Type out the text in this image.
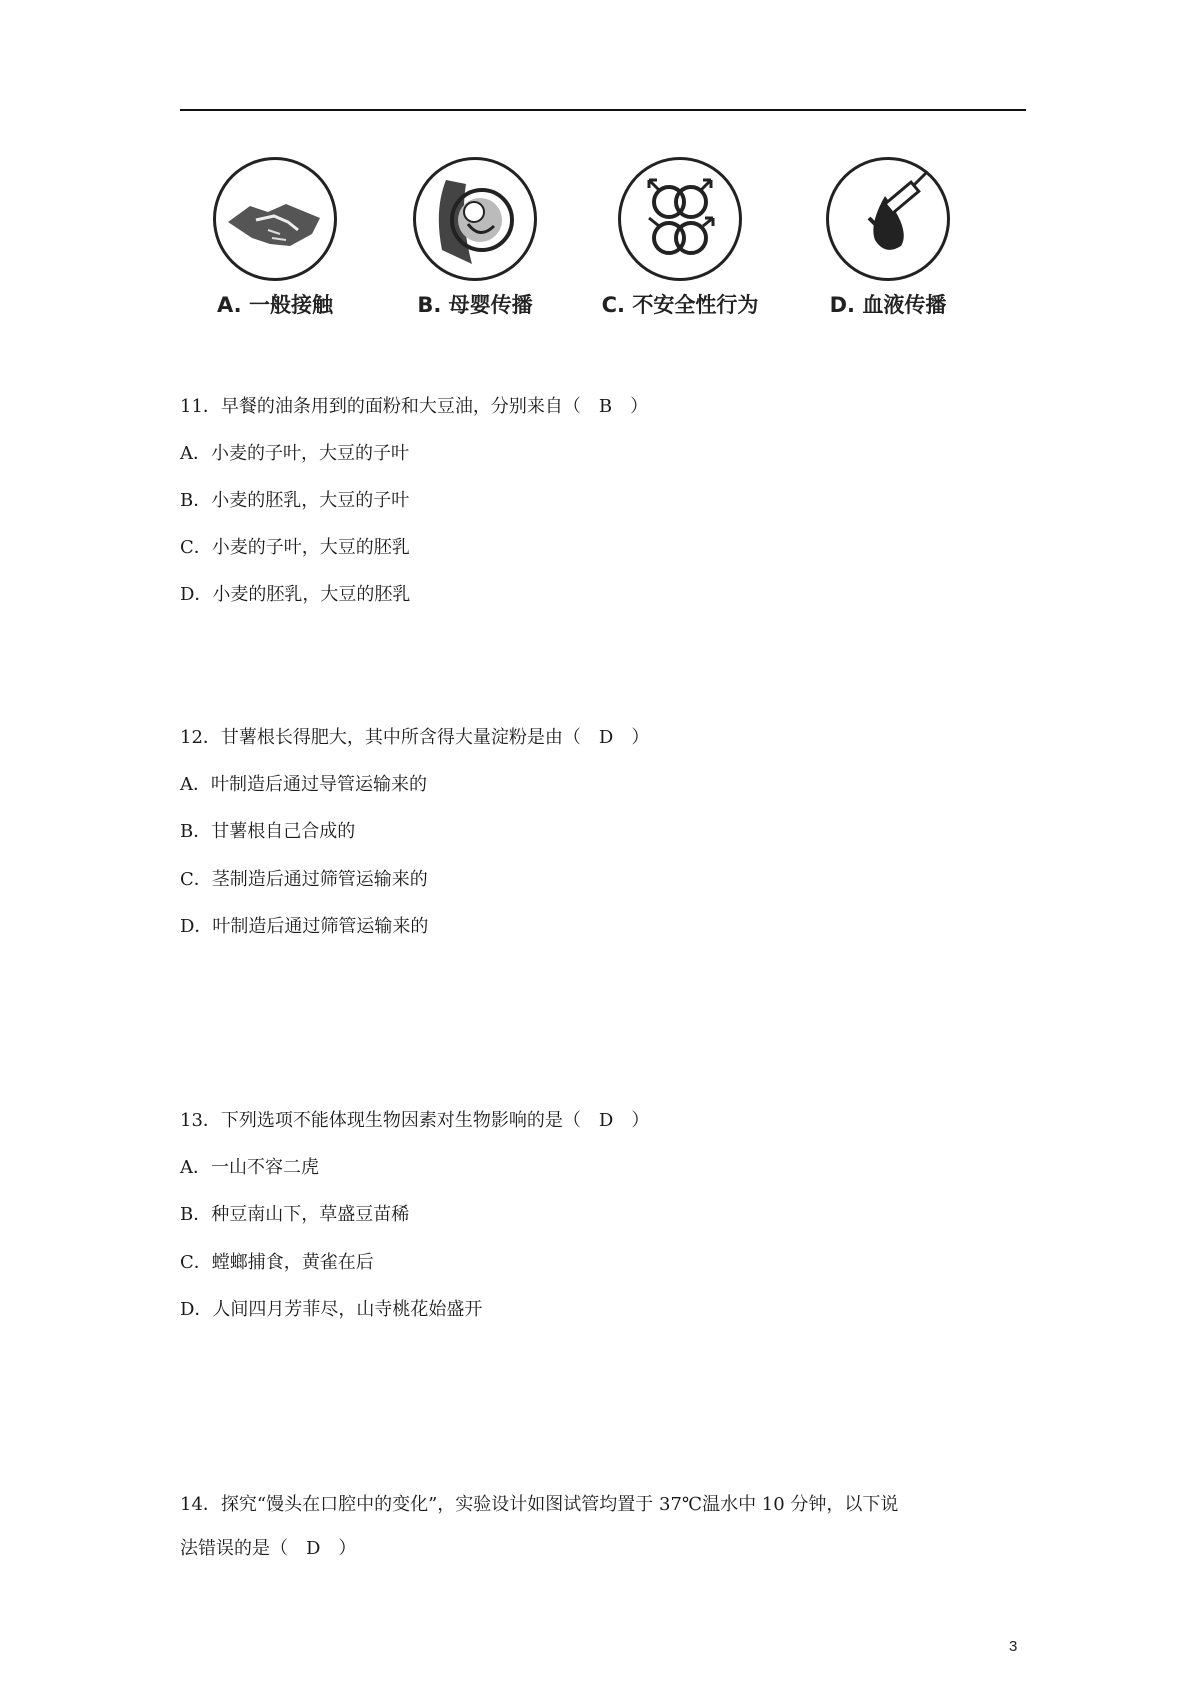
A. 一般接触	B. 母婴传播	C. 不安全性行为	D. 血液传播
11．早餐的油条用到的面粉和大豆油，分别来自（　B　）
A．小麦的子叶，大豆的子叶
B．小麦的胚乳，大豆的子叶
C．小麦的子叶，大豆的胚乳
D．小麦的胚乳，大豆的胚乳
12．甘薯根长得肥大，其中所含得大量淀粉是由（　D　）
A．叶制造后通过导管运输来的
B．甘薯根自己合成的
C．茎制造后通过筛管运输来的
D．叶制造后通过筛管运输来的
13．下列选项不能体现生物因素对生物影响的是（　D　）
A．一山不容二虎
B．种豆南山下，草盛豆苗稀
C．螳螂捕食，黄雀在后
D．人间四月芳菲尽，山寺桃花始盛开
14．探究“馒头在口腔中的变化”，实验设计如图试管均置于 37℃温水中 10 分钟，以下说
法错误的是（　D　）
3
